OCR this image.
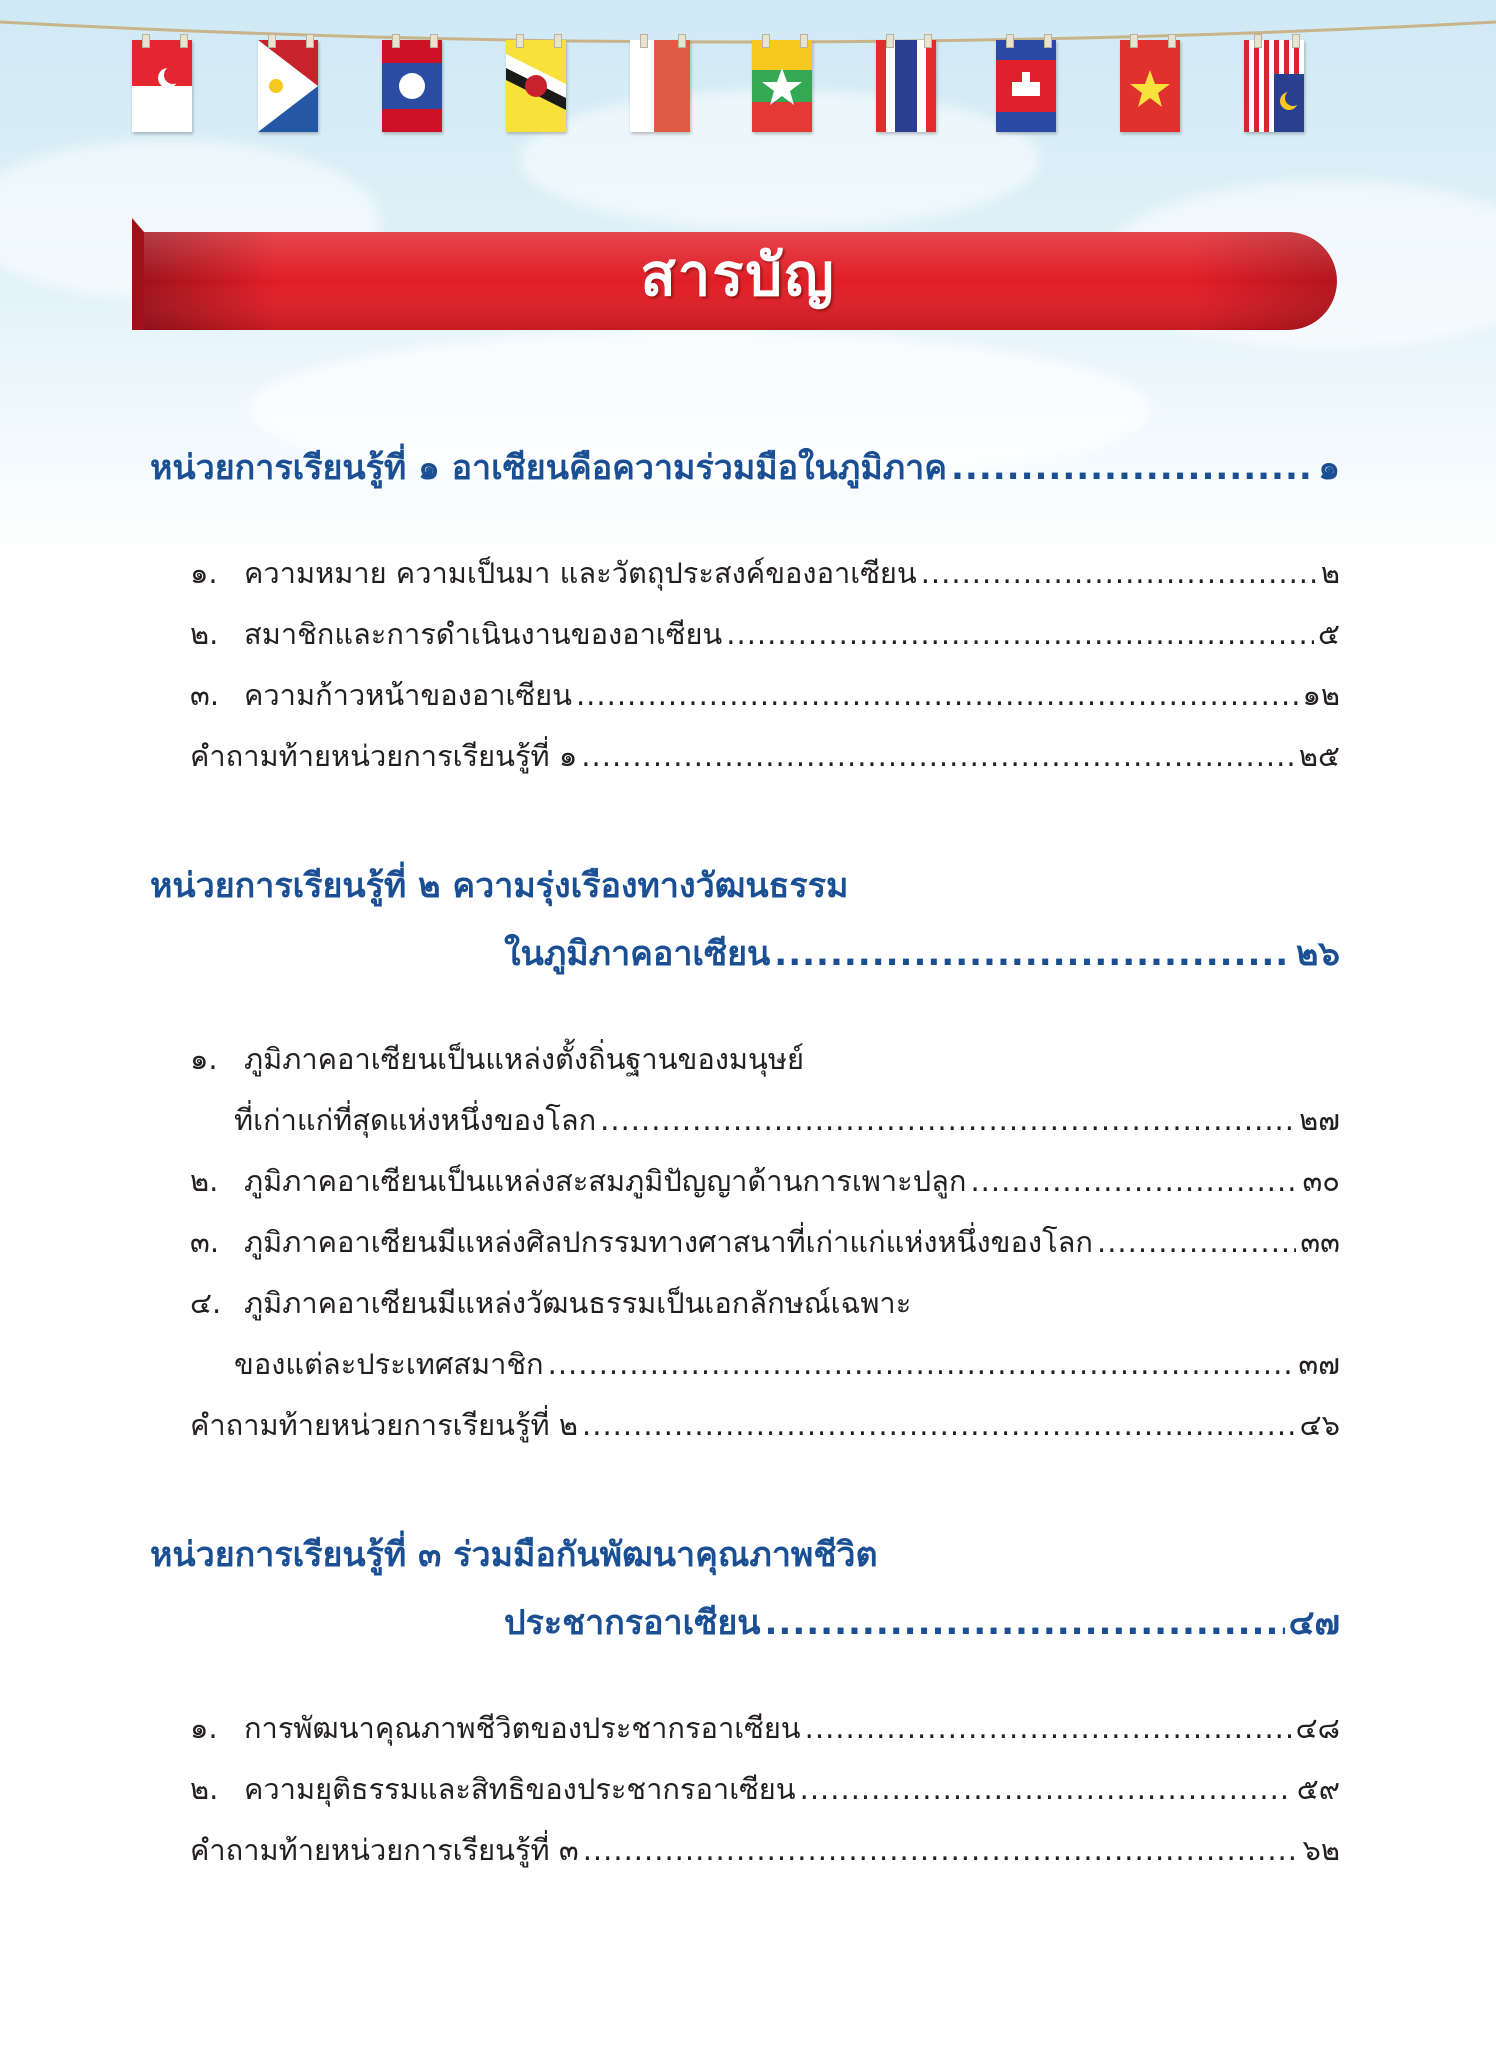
สารบัญ
หน่วยการเรียนรู้ที่ ๑ อาเซียนคือความร่วมมือในภูมิภาค .....	๑
๑. ความหมาย ความเป็นมา และวัตถุประสงค์ของอาเซียน .....	๒
๒. สมาชิกและการดำเนินงานของอาเซียน .....	๕
๓. ความก้าวหน้าของอาเซียน .....	๑๒
คำถามท้ายหน่วยการเรียนรู้ที่ ๑ .....	๒๕
หน่วยการเรียนรู้ที่ ๒ ความรุ่งเรืองทางวัฒนธรรม
ในภูมิภาคอาเซียน .....	๒๖
๑. ภูมิภาคอาเซียนเป็นแหล่งตั้งถิ่นฐานของมนุษย์
ที่เก่าแก่ที่สุดแห่งหนึ่งของโลก .....	๒๗
๒. ภูมิภาคอาเซียนเป็นแหล่งสะสมภูมิปัญญาด้านการเพาะปลูก .....	๓๐
๓. ภูมิภาคอาเซียนมีแหล่งศิลปกรรมทางศาสนาที่เก่าแก่แห่งหนึ่งของโลก .....	๓๓
๔. ภูมิภาคอาเซียนมีแหล่งวัฒนธรรมเป็นเอกลักษณ์เฉพาะ
ของแต่ละประเทศสมาชิก .....	๓๗
คำถามท้ายหน่วยการเรียนรู้ที่ ๒ .....	๔๖
หน่วยการเรียนรู้ที่ ๓ ร่วมมือกันพัฒนาคุณภาพชีวิต
ประชากรอาเซียน .....	๔๗
๑. การพัฒนาคุณภาพชีวิตของประชากรอาเซียน .....	๔๘
๒. ความยุติธรรมและสิทธิของประชากรอาเซียน .....	๕๙
คำถามท้ายหน่วยการเรียนรู้ที่ ๓ .....	๖๒
